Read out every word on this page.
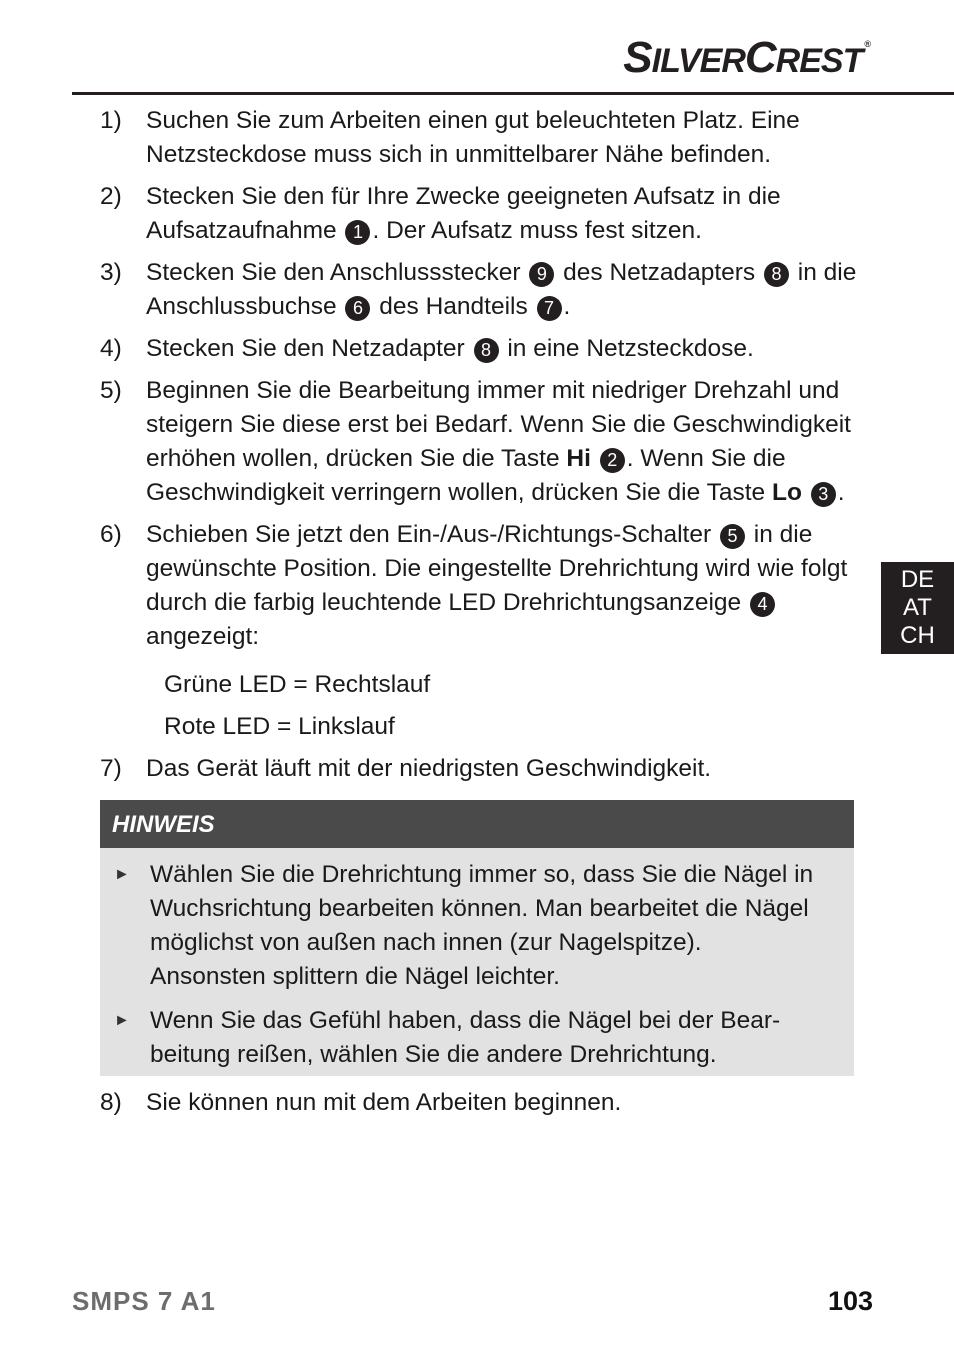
SILVERCREST ®
1) Suchen Sie zum Arbeiten einen gut beleuchteten Platz. Eine Netzsteckdose muss sich in unmittelbarer Nähe befinden.
2) Stecken Sie den für Ihre Zwecke geeigneten Aufsatz in die Aufsatzaufnahme 1 . Der Aufsatz muss fest sitzen.
3) Stecken Sie den Anschlussstecker 9 des Netzadapters 8 in die Anschlussbuchse 6 des Handteils 7 .
4) Stecken Sie den Netzadapter 8 in eine Netzsteckdose.
5) Beginnen Sie die Bearbeitung immer mit niedriger Drehzahl und steigern Sie diese erst bei Bedarf. Wenn Sie die Geschwindigkeit erhöhen wollen, drücken Sie die Taste Hi 2 . Wenn Sie die Geschwindigkeit verringern wollen, drücken Sie die Taste Lo 3 .
6) Schieben Sie jetzt den Ein-/Aus-/Richtungs-Schalter 5 in die gewünschte Position. Die eingestellte Drehrichtung wird wie folgt durch die farbig leuchtende LED Drehrichtungsanzeige 4 angezeigt:
Grüne LED = Rechtslauf
Rote LED = Linkslauf
7) Das Gerät läuft mit der niedrigsten Geschwindigkeit.
HINWEIS
► Wählen Sie die Drehrichtung immer so, dass Sie die Nägel in Wuchsrichtung bearbeiten können. Man bearbeitet die Nägel möglichst von außen nach innen (zur Nagelspitze). Ansonsten splittern die Nägel leichter.
► Wenn Sie das Gefühl haben, dass die Nägel bei der Bearbeitung reißen, wählen Sie die andere Drehrichtung.
8) Sie können nun mit dem Arbeiten beginnen.
DE
AT
CH
SMPS 7 A1	103
